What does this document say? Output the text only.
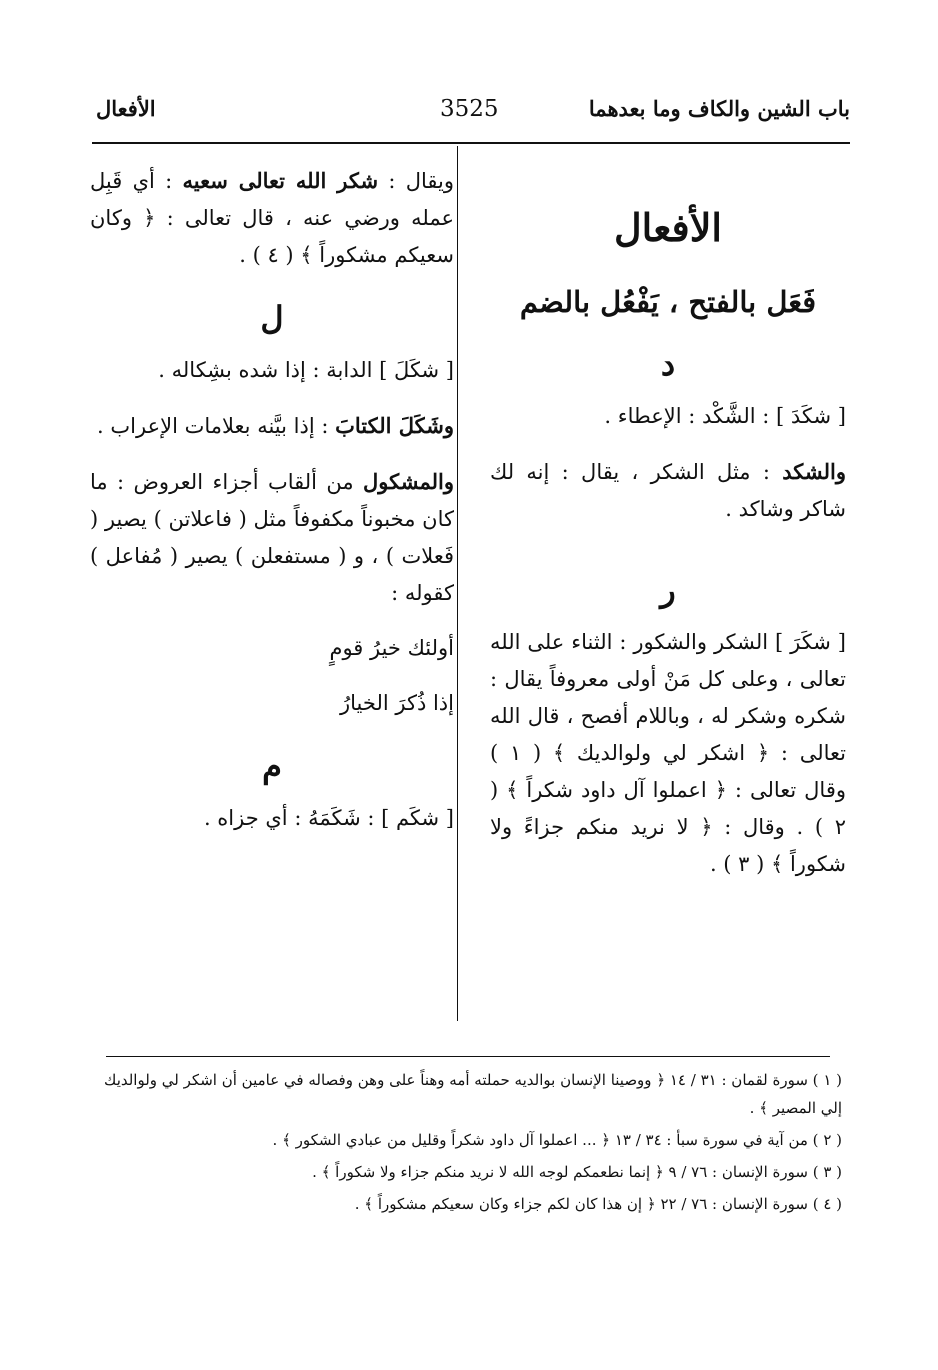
باب الشين والكاف وما بعدهما
3525
الأفعال
الأفعال
فَعَل بالفتح ، يَفْعُل بالضم
د

[ شكَدَ ] : الشَّكْد : الإعطاء .

والشكد : مثل الشكر ، يقال : إنه لك شاكر وشاكد .

ر

[ شكَرَ ] الشكر والشكور : الثناء على الله تعالى ، وعلى كل مَنْ أولى معروفاً يقال : شكره وشكر له ، وباللام أفصح ، قال الله تعالى : ﴿ اشكر لي ولوالديك ﴾ ( ١ ) وقال تعالى : ﴿ اعملوا آل داود شكراً ﴾ ( ٢ ) . وقال : ﴿ لا نريد منكم جزاءً ولا شكوراً ﴾ ( ٣ ) .

ويقال : شكر الله تعالى سعيه : أي قَبِل عمله ورضي عنه ، قال تعالى : ﴿ وكان سعيكم مشكوراً ﴾ ( ٤ ) .

ل

[ شكَلَ ] الدابة : إذا شده بشِكاله .

وشَكَلَ الكتابَ : إذا بيَّنه بعلامات الإعراب .

والمشكول من ألقاب أجزاء العروض : ما كان مخبوناً مكفوفاً مثل ( فاعلاتن ) يصير ( فَعلات ) ، و ( مستفعلن ) يصير ( مُفاعل ) كقوله :

أولئك خيرُ قومٍ
إذا ذُكرَ الخيارُ
م

[ شكَم ] : شَكَمَهُ : أي جزاه .

( ١ ) سورة لقمان : ٣١ / ١٤ ﴿ ووصينا الإنسان بوالديه حملته أمه وهناً على وهن وفصاله في عامين أن اشكر لي ولوالديك إلي المصير ﴾ .
( ٢ ) من آية في سورة سبأ : ٣٤ / ١٣ ﴿ ... اعملوا آل داود شكراً وقليل من عبادي الشكور ﴾ .
( ٣ ) سورة الإنسان : ٧٦ / ٩ ﴿ إنما نطعمكم لوجه الله لا نريد منكم جزاء ولا شكوراً ﴾ .
( ٤ ) سورة الإنسان : ٧٦ / ٢٢ ﴿ إن هذا كان لكم جزاء وكان سعيكم مشكوراً ﴾ .
